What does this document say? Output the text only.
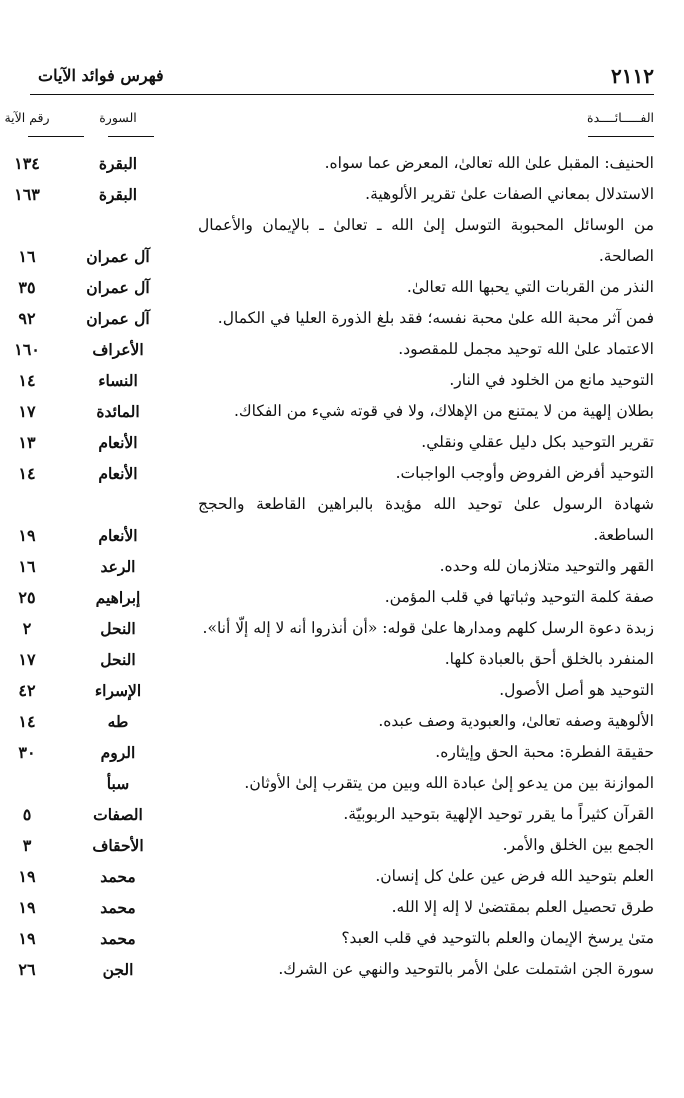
٢١١٢
فهرس فوائد الآيات
الفـــــائــــدة
السورة
رقم الآية
الحنيف: المقبل علىٰ الله تعالىٰ، المعرض عما سواه.
البقرة
١٣٤
الاستدلال بمعاني الصفات علىٰ تقرير الألوهية.
البقرة
١٦٣
من الوسائل المحبوبة التوسل إلىٰ الله ـ تعالىٰ ـ بالإيمان والأعمال الصالحة.
آل عمران
١٦
النذر من القربات التي يحبها الله تعالىٰ.
آل عمران
٣٥
فمن آثر محبة الله علىٰ محبة نفسه؛ فقد بلغ الذورة العليا في الكمال.
آل عمران
٩٢
الاعتماد علىٰ الله توحيد مجمل للمقصود.
الأعراف
١٦٠
التوحيد مانع من الخلود في النار.
النساء
١٤
بطلان إلهية من لا يمتنع من الإهلاك، ولا في قوته شيء من الفكاك.
المائدة
١٧
تقرير التوحيد بكل دليل عقلي ونقلي.
الأنعام
١٣
التوحيد أفرض الفروض وأوجب الواجبات.
الأنعام
١٤
شهادة الرسول علىٰ توحيد الله مؤيدة بالبراهين القاطعة والحجج الساطعة.
الأنعام
١٩
القهر والتوحيد متلازمان لله وحده.
الرعد
١٦
صفة كلمة التوحيد وثباتها في قلب المؤمن.
إبراهيم
٢٥
زبدة دعوة الرسل كلهم ومدارها علىٰ قوله: «أن أنذروا أنه لا إله إلّا أنا».
النحل
٢
المنفرد بالخلق أحق بالعبادة كلها.
النحل
١٧
التوحيد هو أصل الأصول.
الإسراء
٤٢
الألوهية وصفه تعالىٰ، والعبودية وصف عبده.
طه
١٤
حقيقة الفطرة: محبة الحق وإيثاره.
الروم
٣٠
الموازنة بين من يدعو إلىٰ عبادة الله وبين من يتقرب إلىٰ الأوثان.
سبأ
القرآن كثيراً ما يقرر توحيد الإلهية بتوحيد الربوبيّة.
الصفات
٥
الجمع بين الخلق والأمر.
الأحقاف
٣
العلم بتوحيد الله فرض عين علىٰ كل إنسان.
محمد
١٩
طرق تحصيل العلم بمقتضىٰ لا إله إلا الله.
محمد
١٩
متىٰ يرسخ الإيمان والعلم بالتوحيد في قلب العبد؟
محمد
١٩
سورة الجن اشتملت علىٰ الأمر بالتوحيد والنهي عن الشرك.
الجن
٢٦
